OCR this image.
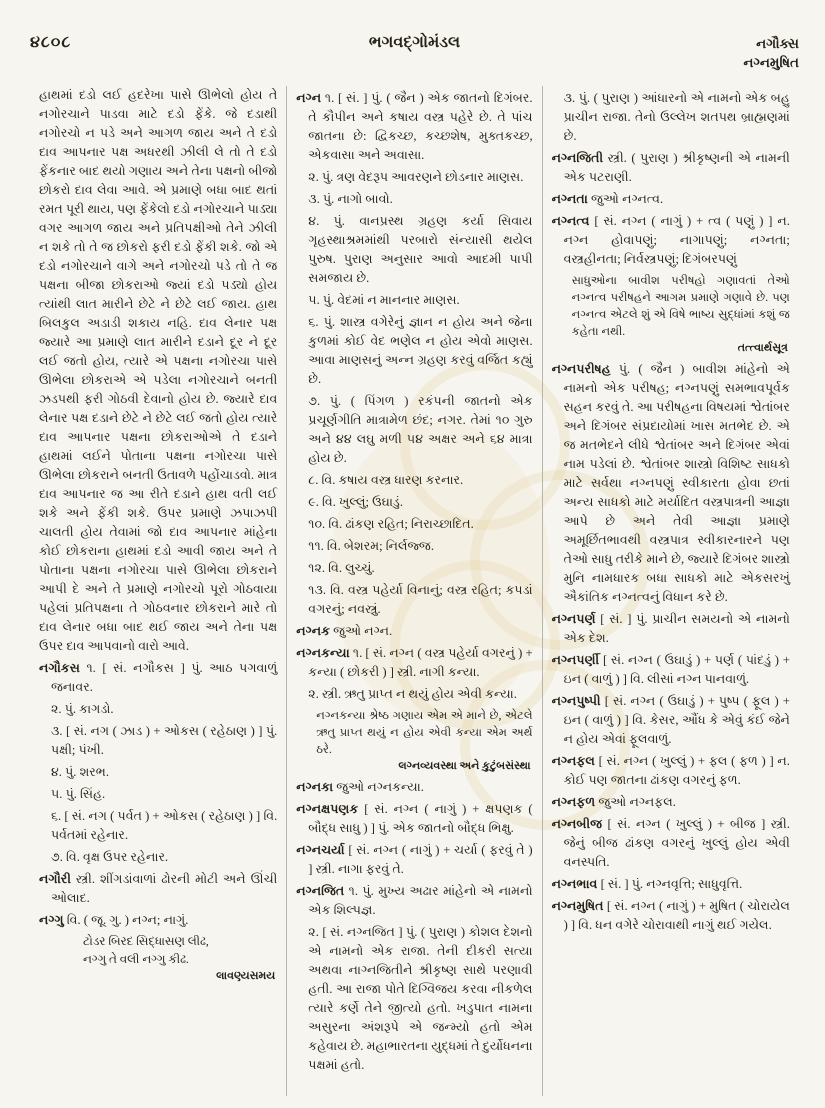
૪૮૦૮	ભગવદ્ગોમંડલ	નગૌક્સ
નગ્નમુષિત
હાથમાં દડો લઈ હદરેખા પાસે ઊભેલો હોય તે નગોરચાને પાડવા માટે દડો ફેંકે. જે દડાથી નગોરચો ન પડે અને આગળ જાય અને તે દડો દાવ આપનાર પક્ષ અધરથી ઝીલી લે તો તે દડો ફેંકનાર બાદ થયો ગણાય અને તેના પક્ષનો બીજો છોકરો દાવ લેવા આવે. એ પ્રમાણે બધા બાદ થતાં રમત પૂરી થાય, પણ ફેંકેલો દડો નગોરચાને પાડ્યા વગર આગળ જાય અને પ્રતિપક્ષીઓ તેને ઝીલી ન શકે તો તે જ છોકરો ફરી દડો ફેંકી શકે. જો એ દડો નગોરચાને વાગે અને નગોરચો પડે તો તે જ પક્ષના બીજા છોકરાઓ જ્યાં દડો પડ્યો હોય ત્યાંથી લાત મારીને છેટે ને છેટે લઈ જાય. હાથ બિલકુલ અડાડી શકાય નહિ. દાવ લેનાર પક્ષ જ્યારે આ પ્રમાણે લાત મારીને દડાને દૂર ને દૂર લઈ જતો હોય, ત્યારે એ પક્ષના નગોરચા પાસે ઊભેલા છોકરાએ એ પડેલા નગોરચાને બનતી ઝડપથી ફરી ગોઠવી દેવાનો હોય છે. જ્યારે દાવ લેનાર પક્ષ દડાને છેટે ને છેટે લઈ જતો હોય ત્યારે દાવ આપનાર પક્ષના છોકરાઓએ તે દડાને હાથમાં લઈને પોતાના પક્ષના નગોરચા પાસે ઊભેલા છોકરાને બનતી ઉતાવળે પહોંચાડવો. માત્ર દાવ આપનાર જ આ રીતે દડાને હાથ વતી લઈ શકે અને ફેંકી શકે. ઉપર પ્રમાણે ઝપાઝપી ચાલતી હોય તેવામાં જો દાવ આપનાર માંહેના કોઈ છોકરાના હાથમાં દડો આવી જાય અને તે પોતાના પક્ષના નગોરચા પાસે ઊભેલા છોકરાને આપી દે અને તે પ્રમાણે નગોરચો પૂરો ગોઠવાયા પહેલાં પ્રતિપક્ષના તે ગોઠવનાર છોકરાને મારે તો દાવ લેનાર બધા બાદ થઈ જાય અને તેના પક્ષ ઉપર દાવ આપવાનો વારો આવે.
નગૌકસ ૧. [ સં. નગૌકસ ] પું. આઠ પગવાળું જનાવર.
૨. પું. કાગડો.
૩. [ સં. નગ ( ઝાડ ) + ઓકસ ( રહેઠાણ ) ] પું. પક્ષી; પંખી.
૪. પું. શરભ.
૫. પું. સિંહ.
૬. [ સં. નગ ( પર્વત ) + ઓકસ ( રહેઠાણ ) ] વિ. પર્વતમાં રહેનાર.
૭. વિ. વૃક્ષ ઉપર રહેનાર.
નગૌરી સ્ત્રી. શીંગડાંવાળાં ઢોરની મોટી અને ઊંચી ઓલાદ.
નગ્ગુ વિ. ( જૂ. ગુ. ) નગ્ન; નાગું.
ટોડર બિરદ સિદ્ધાસણ લીઢ,
નગ્ગુ તે વલી નગ્ગુ કીઢ.
લાવણ્યસમય
નગ્ન ૧. [ સં. ] પું. ( જૈન ) એક જાતનો દિગંબર. તે કૌપીન અને કષાય વસ્ત્ર પહેરે છે. તે પાંચ જાતના છે: દ્વિકચ્છ, કચ્છશેષ, મુક્તકચ્છ, એકવાસા અને અવાસા.
૨. પું. ત્રણ વેદરૂપ આવરણને છોડનાર માણસ.
૩. પું. નાગો બાવો.
૪. પું. વાનપ્રસ્થ ગ્રહણ કર્યા સિવાય ગૃહસ્થાશ્રમમાંથી પરબારો સંન્યાસી થયેલ પુરુષ. પુરાણ અનુસાર આવો આદમી પાપી સમજાય છે.
૫. પું. વેદમાં ન માનનાર માણસ.
૬. પું. શાસ્ત્ર વગેરેનું જ્ઞાન ન હોય અને જેના કુળમાં કોઈ વેદ ભણેલ ન હોય એવો માણસ. આવા માણસનું અન્ન ગ્રહણ કરવું વર્જિત કહ્યું છે.
૭. પું. ( પિંગળ ) રકંપની જાતનો એક પ્રચૂર્ણગીતિ માત્રામેળ છંદ; નગર. તેમાં ૧૦ ગુરુ અને ૪૪ લઘુ મળી ૫૪ અક્ષર અને ૬૪ માત્રા હોય છે.
૮. વિ. કષાય વસ્ત્ર ધારણ કરનાર.
૯. વિ. ખુલ્લું; ઉઘાડું.
૧૦. વિ. ઢાંકણ રહિત; નિરાચ્છાદિત.
૧૧. વિ. બેશરમ; નિર્લજ્જ.
૧૨. વિ. લુચ્ચું.
૧૩. વિ. વસ્ત્ર પહેર્યા વિનાનું; વસ્ત્ર રહિત; કપડાં વગરનું; નવસ્ત્રું.
નગ્નક જુઓ નગ્ન.
નગ્નકન્યા ૧. [ સં. નગ્ન ( વસ્ત્ર પહેર્યા વગરનું ) + કન્યા ( છોકરી ) ] સ્ત્રી. નાગી કન્યા.
૨. સ્ત્રી. ઋતુ પ્રાપ્ત ન થયું હોય એવી કન્યા.
નગ્નકન્યા શ્રેષ્ઠ ગણાય એમ એ માને છે, એટલે ઋતુ પ્રાપ્ત થયું ન હોય એવી કન્યા એમ અર્થ ઠરે.
લગ્નવ્યવસ્થા અને કુટુંબસંસ્થા
નગ્નકા જુઓ નગ્નકન્યા.
નગ્નક્ષપણક [ સં. નગ્ન ( નાગું ) + ક્ષપણક ( બૌદ્ધ સાધુ ) ] પું. એક જાતનો બૌદ્ધ ભિક્ષુ.
નગ્નચર્યા [ સં. નગ્ન ( નાગું ) + ચર્યા ( ફરવું તે ) ] સ્ત્રી. નાગા ફરવું તે.
નગ્નજિત ૧. પું. મુખ્ય અઢાર માંહેનો એ નામનો એક શિલ્પજ્ઞ.
૨. [ સં. નગ્નજિત ] પું. ( પુરાણ ) કોશલ દેશનો એ નામનો એક રાજા. તેની દીકરી સત્યા અથવા નાગ્નજિતીને શ્રીકૃષ્ણ સાથે પરણાવી હતી. આ રાજા પોતે દિગ્વિજય કરવા નીકળેલ ત્યારે કર્ણે તેને જીત્યો હતો. ખડુપાત નામના અસુરના અંશરૂપે એ જન્મ્યો હતો એમ કહેવાય છે. મહાભારતના યુદ્ધમાં તે દુર્યોધનના પક્ષમાં હતો.
૩. પું. ( પુરાણ ) આંધારનો એ નામનો એક બહુ પ્રાચીન રાજા. તેનો ઉલ્લેખ શતપથ બ્રાહ્મણમાં છે.
નગ્નજિતી સ્ત્રી. ( પુરાણ ) શ્રીકૃષ્ણની એ નામની એક પટરાણી.
નગ્નતા જુઓ નગ્નત્વ.
નગ્નત્વ [ સં. નગ્ન ( નાગું ) + ત્વ ( પણું ) ] ન. નગ્ન હોવાપણું; નાગાપણું; નગ્નતા; વસ્ત્રહીનતા; નિર્વસ્ત્રપણું; દિગંબરપણું
સાધુઓના બાવીશ પરીષહો ગણાવતાં તેઓ નગ્નત્વ પરીષહને આગમ પ્રમાણે ગણાવે છે. પણ નગ્નત્વ એટલે શું એ વિષે ભાષ્ય સુદ્ધાંમાં કશું જ કહેતા નથી.
તત્ત્વાર્થસૂત્ર
નગ્નપરીષહ પું. ( જૈન ) બાવીશ માંહેનો એ નામનો એક પરીષહ; નગ્નપણું સમભાવપૂર્વક સહન કરવું તે. આ પરીષહના વિષયમાં શ્વેતાંબર અને દિગંબર સંપ્રદાયોમાં ખાસ મતભેદ છે. એ જ મતભેદને લીધે શ્વેતાંબર અને દિગંબર એવાં નામ પડેલાં છે. શ્વેતાંબર શાસ્ત્રો વિશિષ્ટ સાધકો માટે સર્વથા નગ્નપણું સ્વીકારતા હોવા છતાં અન્ય સાધકો માટે મર્યાદિત વસ્ત્રપાત્રની આજ્ઞા આપે છે અને તેવી આજ્ઞા પ્રમાણે અમૂર્છિતભાવથી વસ્ત્રપાત્ર સ્વીકારનારને પણ તેઓ સાધુ તરીકે માને છે, જ્યારે દિગંબર શાસ્ત્રો મુનિ નામધારક બધા સાધકો માટે એકસરખું ઐકાંતિક નગ્નત્વનું વિધાન કરે છે.
નગ્નપર્ણ [ સં. ] પું. પ્રાચીન સમયનો એ નામનો એક દેશ.
નગ્નપર્ણી [ સં. નગ્ન ( ઉઘાડું ) + પર્ણ ( પાંદડું ) + ઇન ( વાળું ) ] વિ. લીસાં નગ્ન પાનવાળું.
નગ્નપુષ્પી [ સં. નગ્ન ( ઉઘાડું ) + પુષ્પ ( ફૂલ ) + ઇન ( વાળું ) ] વિ. કેસર, ઔંધ કે એવું કંઈ જેને ન હોય એવાં ફૂલવાળું.
નગ્નફલ [ સં. નગ્ન ( ખુલ્લું ) + ફલ ( ફળ ) ] ન. કોઈ પણ જાતના ઢાંકણ વગરનું ફળ.
નગ્નફળ જુઓ નગ્નફલ.
નગ્નબીજ [ સં. નગ્ન ( ખુલ્લું ) + બીજ ] સ્ત્રી. જેનું બીજ ઢાંકણ વગરનું ખુલ્લું હોય એવી વનસ્પતિ.
નગ્નભાવ [ સં. ] પું. નગ્નવૃત્તિ; સાધુવૃત્તિ.
નગ્નમુષિત [ સં. નગ્ન ( નાગું ) + મુષિત ( ચોરાયેલ ) ] વિ. ધન વગેરે ચોરાવાથી નાગું થઈ ગયેલ.
